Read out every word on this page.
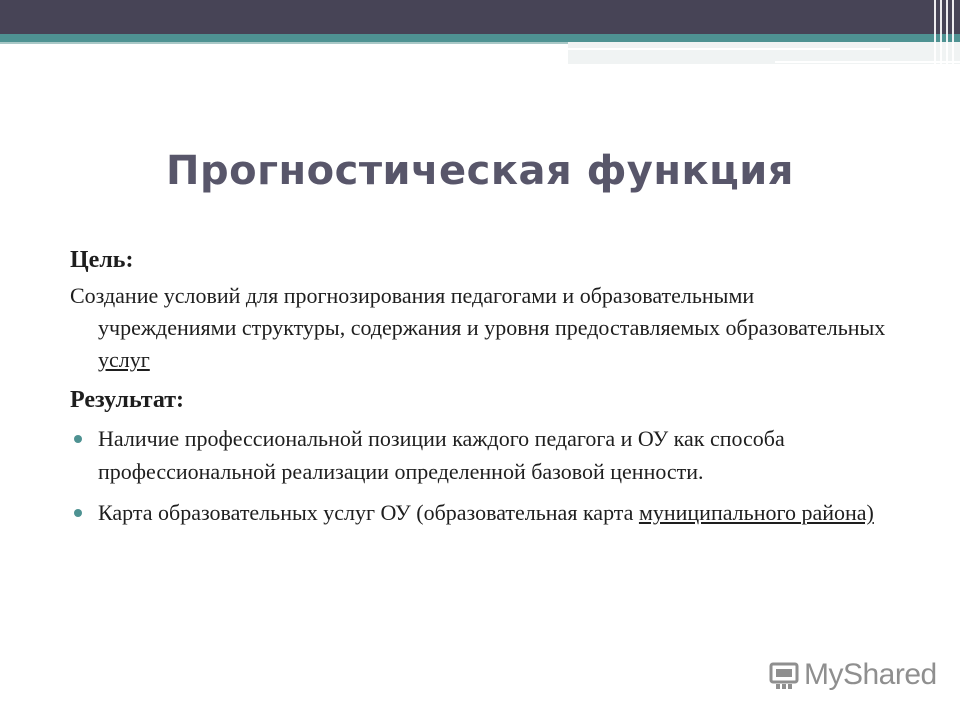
Прогностическая функция
Цель:
Создание условий для прогнозирования педагогами и образовательными учреждениями структуры, содержания и уровня предоставляемых образовательных услуг
Результат:
Наличие профессиональной позиции каждого педагога и ОУ как способа профессиональной реализации определенной базовой ценности.
Карта образовательных услуг ОУ (образовательная карта муниципального района)
MyShared
